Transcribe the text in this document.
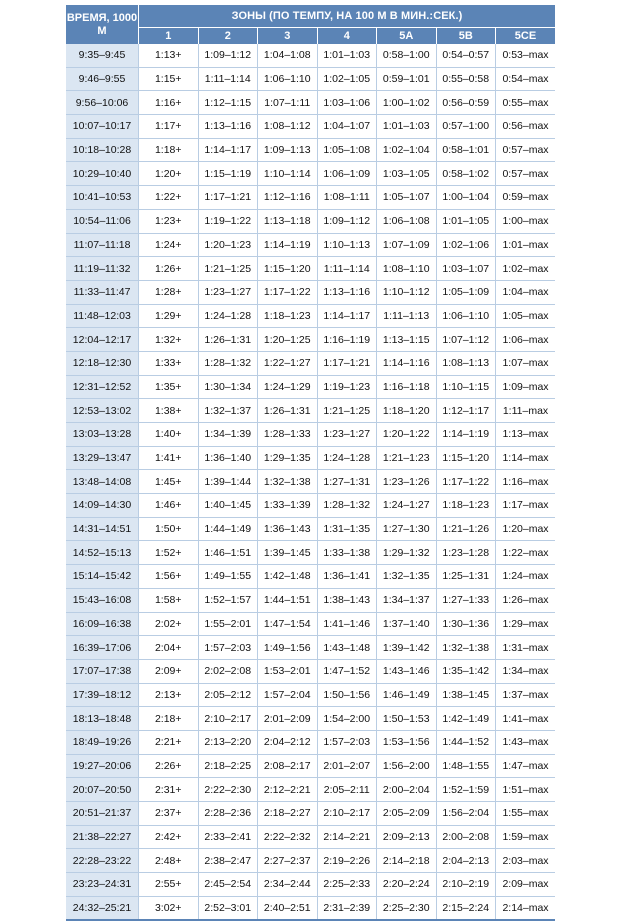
ВРЕМЯ, 1000 М	ЗОНЫ (ПО ТЕМПУ, НА 100 М В МИН.:СЕК.)						
	1	2	3	4	5A	5B	5CE
9:35–9:45	1:13+	1:09–1:12	1:04–1:08	1:01–1:03	0:58–1:00	0:54–0:57	0:53–max
9:46–9:55	1:15+	1:11–1:14	1:06–1:10	1:02–1:05	0:59–1:01	0:55–0:58	0:54–max
9:56–10:06	1:16+	1:12–1:15	1:07–1:11	1:03–1:06	1:00–1:02	0:56–0:59	0:55–max
10:07–10:17	1:17+	1:13–1:16	1:08–1:12	1:04–1:07	1:01–1:03	0:57–1:00	0:56–max
10:18–10:28	1:18+	1:14–1:17	1:09–1:13	1:05–1:08	1:02–1:04	0:58–1:01	0:57–max
10:29–10:40	1:20+	1:15–1:19	1:10–1:14	1:06–1:09	1:03–1:05	0:58–1:02	0:57–max
10:41–10:53	1:22+	1:17–1:21	1:12–1:16	1:08–1:11	1:05–1:07	1:00–1:04	0:59–max
10:54–11:06	1:23+	1:19–1:22	1:13–1:18	1:09–1:12	1:06–1:08	1:01–1:05	1:00–max
11:07–11:18	1:24+	1:20–1:23	1:14–1:19	1:10–1:13	1:07–1:09	1:02–1:06	1:01–max
11:19–11:32	1:26+	1:21–1:25	1:15–1:20	1:11–1:14	1:08–1:10	1:03–1:07	1:02–max
11:33–11:47	1:28+	1:23–1:27	1:17–1:22	1:13–1:16	1:10–1:12	1:05–1:09	1:04–max
11:48–12:03	1:29+	1:24–1:28	1:18–1:23	1:14–1:17	1:11–1:13	1:06–1:10	1:05–max
12:04–12:17	1:32+	1:26–1:31	1:20–1:25	1:16–1:19	1:13–1:15	1:07–1:12	1:06–max
12:18–12:30	1:33+	1:28–1:32	1:22–1:27	1:17–1:21	1:14–1:16	1:08–1:13	1:07–max
12:31–12:52	1:35+	1:30–1:34	1:24–1:29	1:19–1:23	1:16–1:18	1:10–1:15	1:09–max
12:53–13:02	1:38+	1:32–1:37	1:26–1:31	1:21–1:25	1:18–1:20	1:12–1:17	1:11–max
13:03–13:28	1:40+	1:34–1:39	1:28–1:33	1:23–1:27	1:20–1:22	1:14–1:19	1:13–max
13:29–13:47	1:41+	1:36–1:40	1:29–1:35	1:24–1:28	1:21–1:23	1:15–1:20	1:14–max
13:48–14:08	1:45+	1:39–1:44	1:32–1:38	1:27–1:31	1:23–1:26	1:17–1:22	1:16–max
14:09–14:30	1:46+	1:40–1:45	1:33–1:39	1:28–1:32	1:24–1:27	1:18–1:23	1:17–max
14:31–14:51	1:50+	1:44–1:49	1:36–1:43	1:31–1:35	1:27–1:30	1:21–1:26	1:20–max
14:52–15:13	1:52+	1:46–1:51	1:39–1:45	1:33–1:38	1:29–1:32	1:23–1:28	1:22–max
15:14–15:42	1:56+	1:49–1:55	1:42–1:48	1:36–1:41	1:32–1:35	1:25–1:31	1:24–max
15:43–16:08	1:58+	1:52–1:57	1:44–1:51	1:38–1:43	1:34–1:37	1:27–1:33	1:26–max
16:09–16:38	2:02+	1:55–2:01	1:47–1:54	1:41–1:46	1:37–1:40	1:30–1:36	1:29–max
16:39–17:06	2:04+	1:57–2:03	1:49–1:56	1:43–1:48	1:39–1:42	1:32–1:38	1:31–max
17:07–17:38	2:09+	2:02–2:08	1:53–2:01	1:47–1:52	1:43–1:46	1:35–1:42	1:34–max
17:39–18:12	2:13+	2:05–2:12	1:57–2:04	1:50–1:56	1:46–1:49	1:38–1:45	1:37–max
18:13–18:48	2:18+	2:10–2:17	2:01–2:09	1:54–2:00	1:50–1:53	1:42–1:49	1:41–max
18:49–19:26	2:21+	2:13–2:20	2:04–2:12	1:57–2:03	1:53–1:56	1:44–1:52	1:43–max
19:27–20:06	2:26+	2:18–2:25	2:08–2:17	2:01–2:07	1:56–2:00	1:48–1:55	1:47–max
20:07–20:50	2:31+	2:22–2:30	2:12–2:21	2:05–2:11	2:00–2:04	1:52–1:59	1:51–max
20:51–21:37	2:37+	2:28–2:36	2:18–2:27	2:10–2:17	2:05–2:09	1:56–2:04	1:55–max
21:38–22:27	2:42+	2:33–2:41	2:22–2:32	2:14–2:21	2:09–2:13	2:00–2:08	1:59–max
22:28–23:22	2:48+	2:38–2:47	2:27–2:37	2:19–2:26	2:14–2:18	2:04–2:13	2:03–max
23:23–24:31	2:55+	2:45–2:54	2:34–2:44	2:25–2:33	2:20–2:24	2:10–2:19	2:09–max
24:32–25:21	3:02+	2:52–3:01	2:40–2:51	2:31–2:39	2:25–2:30	2:15–2:24	2:14–max
